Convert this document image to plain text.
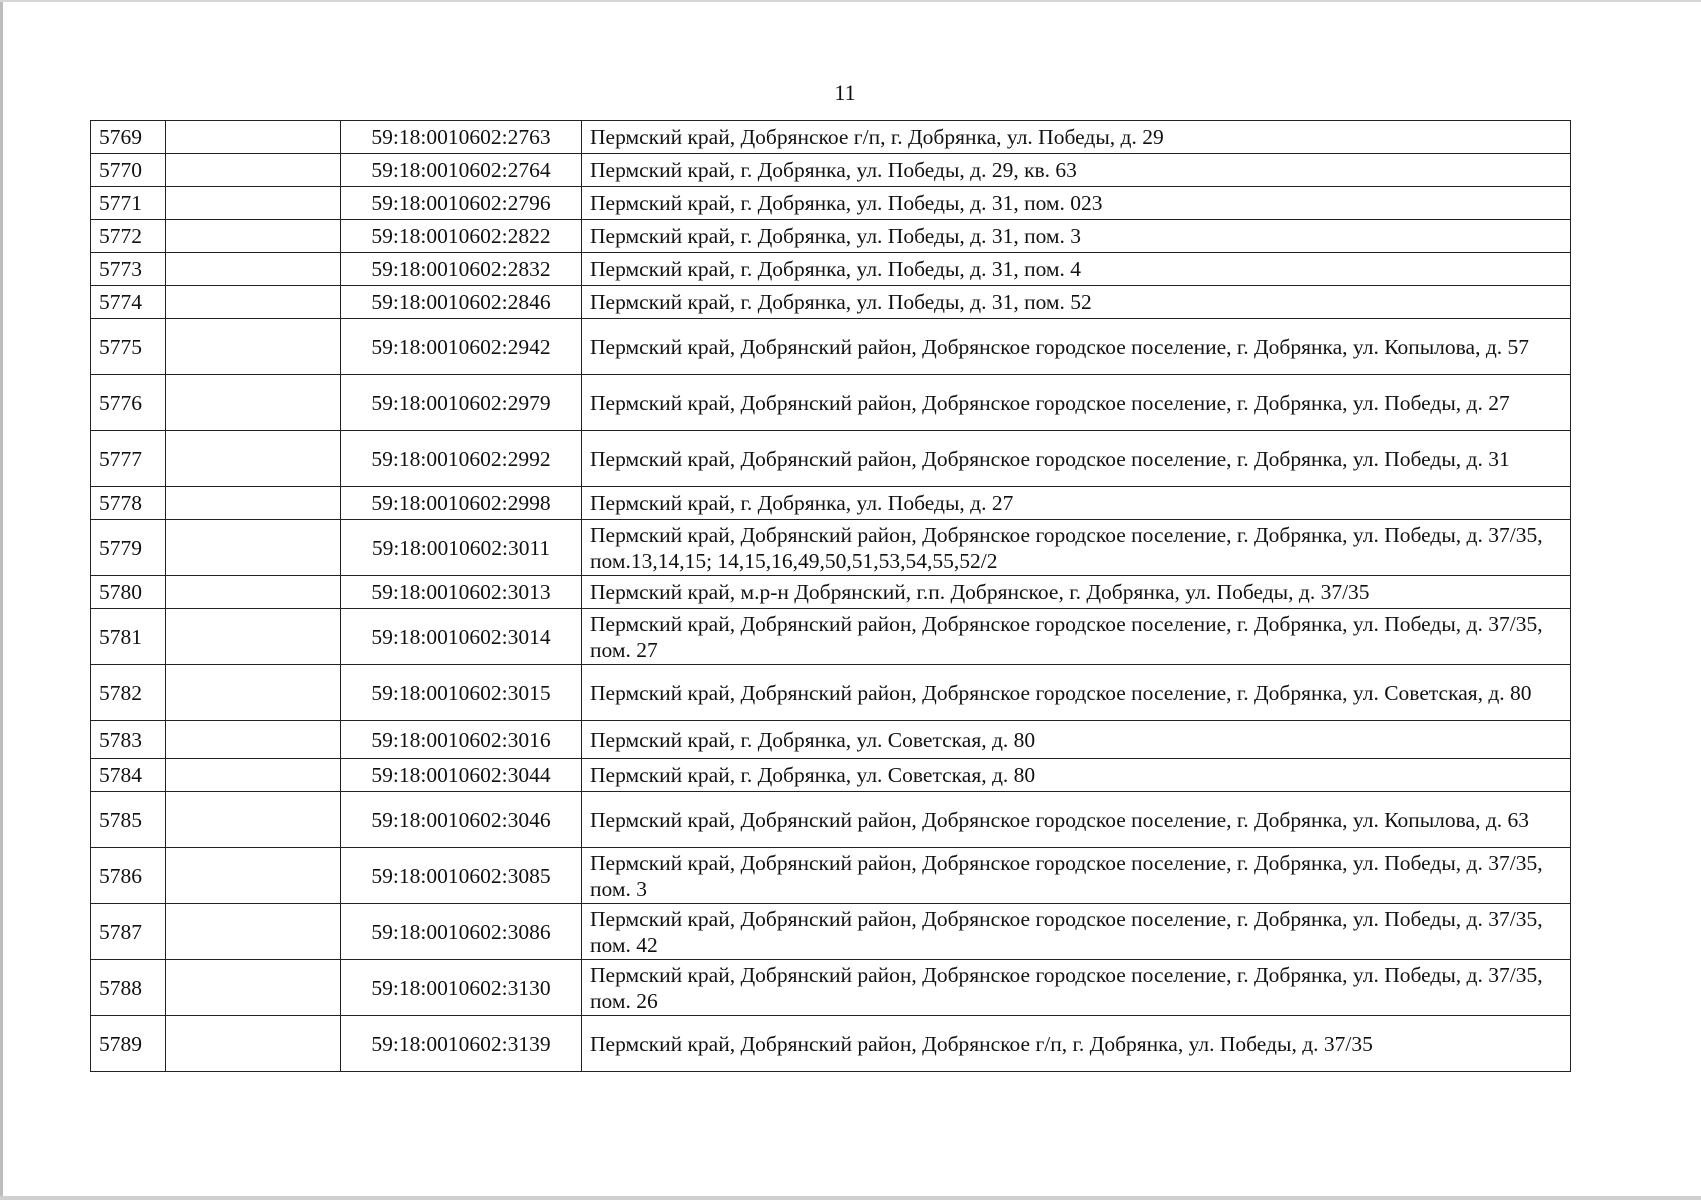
11
5769		59:18:0010602:2763	Пермский край, Добрянское г/п, г. Добрянка, ул. Победы, д. 29
5770		59:18:0010602:2764	Пермский край, г. Добрянка, ул. Победы, д. 29, кв. 63
5771		59:18:0010602:2796	Пермский край, г. Добрянка, ул. Победы, д. 31, пом. 023
5772		59:18:0010602:2822	Пермский край, г. Добрянка, ул. Победы, д. 31, пом. 3
5773		59:18:0010602:2832	Пермский край, г. Добрянка, ул. Победы, д. 31, пом. 4
5774		59:18:0010602:2846	Пермский край, г. Добрянка, ул. Победы, д. 31, пом. 52
5775		59:18:0010602:2942	Пермский край, Добрянский район, Добрянское городское поселение, г. Добрянка, ул. Копылова, д. 57
5776		59:18:0010602:2979	Пермский край, Добрянский район, Добрянское городское поселение, г. Добрянка, ул. Победы, д. 27
5777		59:18:0010602:2992	Пермский край, Добрянский район, Добрянское городское поселение, г. Добрянка, ул. Победы, д. 31
5778		59:18:0010602:2998	Пермский край, г. Добрянка, ул. Победы, д. 27
5779		59:18:0010602:3011	Пермский край, Добрянский район, Добрянское городское поселение, г. Добрянка, ул. Победы, д. 37/35, пом.13,14,15; 14,15,16,49,50,51,53,54,55,52/2
5780		59:18:0010602:3013	Пермский край, м.р-н Добрянский, г.п. Добрянское, г. Добрянка, ул. Победы, д. 37/35
5781		59:18:0010602:3014	Пермский край, Добрянский район, Добрянское городское поселение, г. Добрянка, ул. Победы, д. 37/35, пом. 27
5782		59:18:0010602:3015	Пермский край, Добрянский район, Добрянское городское поселение, г. Добрянка, ул. Советская, д. 80
5783		59:18:0010602:3016	Пермский край, г. Добрянка, ул. Советская, д. 80
5784		59:18:0010602:3044	Пермский край, г. Добрянка, ул. Советская, д. 80
5785		59:18:0010602:3046	Пермский край, Добрянский район, Добрянское городское поселение, г. Добрянка, ул. Копылова, д. 63
5786		59:18:0010602:3085	Пермский край, Добрянский район, Добрянское городское поселение, г. Добрянка, ул. Победы, д. 37/35, пом. 3
5787		59:18:0010602:3086	Пермский край, Добрянский район, Добрянское городское поселение, г. Добрянка, ул. Победы, д. 37/35, пом. 42
5788		59:18:0010602:3130	Пермский край, Добрянский район, Добрянское городское поселение, г. Добрянка, ул. Победы, д. 37/35, пом. 26
5789		59:18:0010602:3139	Пермский край, Добрянский район, Добрянское г/п, г. Добрянка, ул. Победы, д. 37/35
